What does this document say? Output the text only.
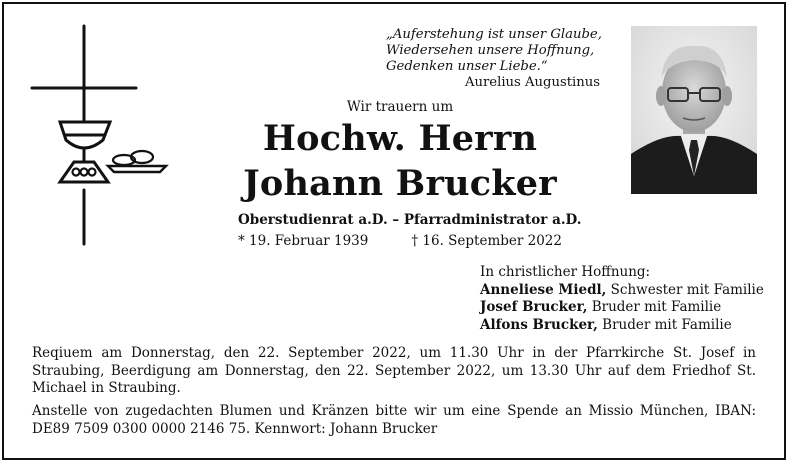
„Auferstehung ist unser Glaube,
Wiedersehen unsere Hoffnung,
Gedenken unser Liebe.“
Aurelius Augustinus
Wir trauern um
Hochw. Herrn
Johann Brucker
Oberstudienrat a.D. – Pfarradministrator a.D.
* 19. Februar 1939	† 16. September 2022
In christlicher Hoffnung:
Anneliese Miedl, Schwester mit Familie
Josef Brucker, Bruder mit Familie
Alfons Brucker, Bruder mit Familie
Reqiuem am Donnerstag, den 22. September 2022, um 11.30 Uhr in der Pfarrkirche St. Josef in Straubing, Beerdigung am Donnerstag, den 22. September 2022, um 13.30 Uhr auf dem Friedhof St. Michael in Straubing.
Anstelle von zugedachten Blumen und Kränzen bitte wir um eine Spende an Missio München, IBAN: DE89 7509 0300 0000 2146 75. Kennwort: Johann Brucker
